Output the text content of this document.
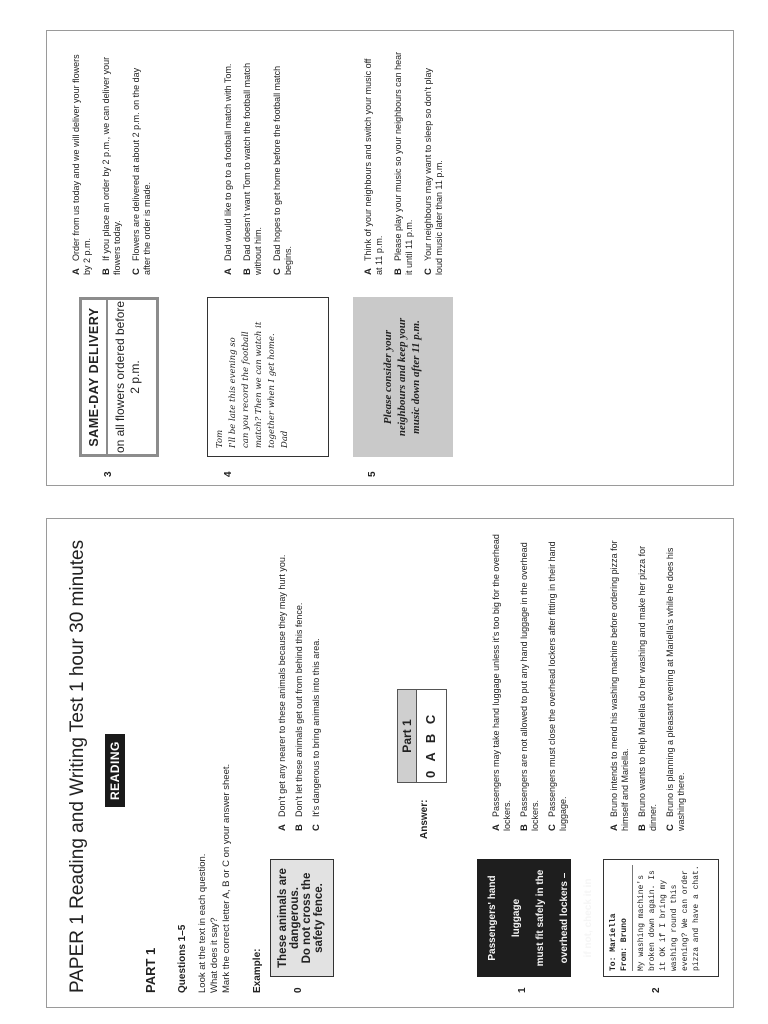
3
SAME-DAY DELIVERY	on all flowers ordered before 2 p.m.
AOrder from us today and we will deliver your flowers by 2 p.m. BIf you place an order by 2 p.m., we can deliver your flowers today. CFlowers are delivered at about 2 p.m. on the day after the order is made.
4
Tom I'll be late this evening so can you record the football match? Then we can watch it together when I get home. Dad
ADad would like to go to a football match with Tom.
BDad doesn't want Tom to watch the football match without him. CDad hopes to get home before the football match begins.
5
Please consider your neighbours and keep your music down after 11 p.m.
AThink of your neighbours and switch your music off at 11 p.m. BPlease play your music so your neighbours can hear it until 11 p.m. CYour neighbours may want to sleep so don't play loud music later than 11 p.m.
PAPER 1 Reading and Writing Test 1 hour 30 minutes READING
PART 1 Questions 1–5 Look at the text in each question. What does it say? Mark the correct letter A, B or C on your answer sheet. Example:	0
These animals are dangerous. Do not cross the safety fence.
ADon't get any nearer to these animals because they may hurt you.
BDon't let these animals get out from behind this fence.
CIt's dangerous to bring animals into this area.
Answer:
Part 1 0 A B C
1
Passengers' hand luggage	must fit safely in the	overhead lockers –	if not, check it in
APassengers may take hand luggage unless it's too big for the overhead lockers. BPassengers are not allowed to put any hand luggage in the overhead lockers. CPassengers must close the overhead lockers after fitting in their hand luggage.
2
To: Mariella From: Bruno My washing machine's broken down again. Is it OK if I bring my washing round this evening? We can order pizza and have a chat.
ABruno intends to mend his washing machine before ordering pizza for himself and Mariella. BBruno wants to help Mariella do her washing and make her pizza for dinner. CBruno is planning a pleasant evening at Mariella's while he does his washing there.
